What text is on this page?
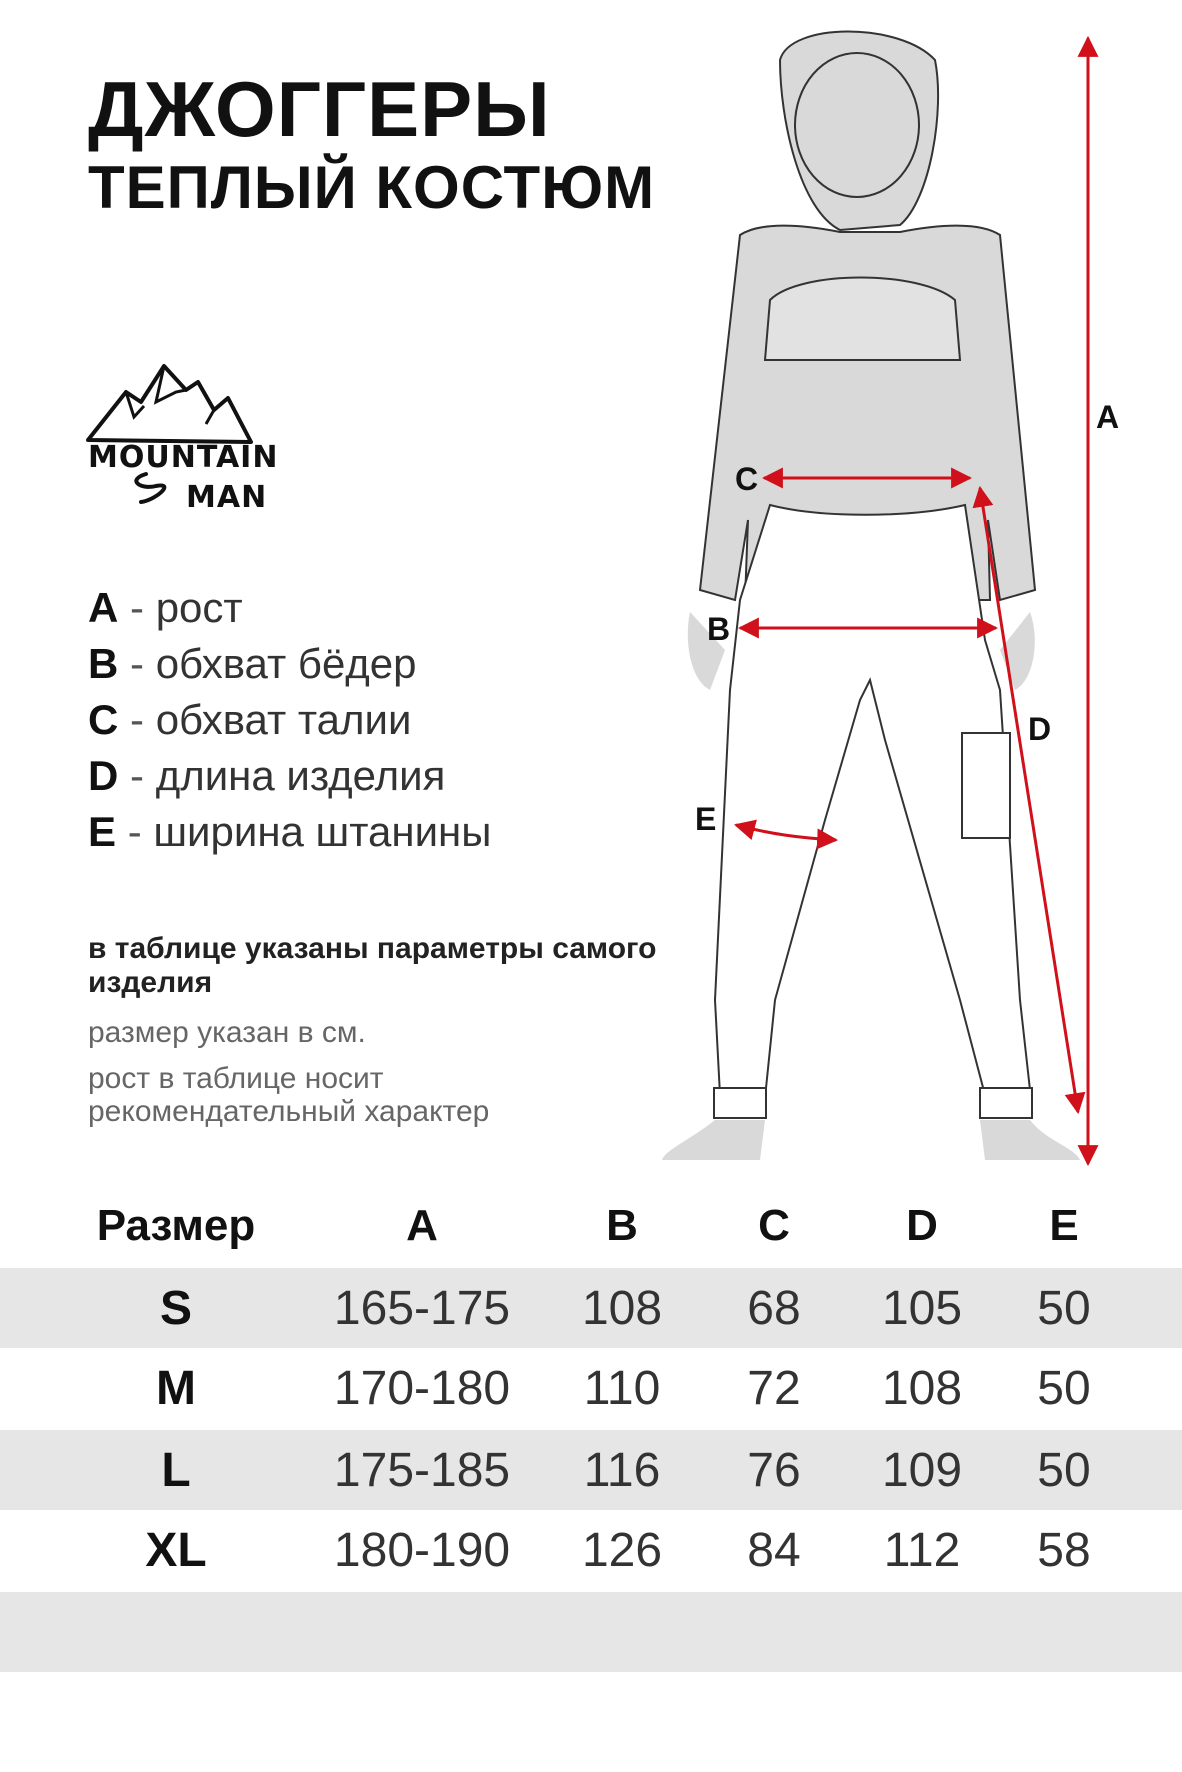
ДЖОГГЕРЫ
ТЕПЛЫЙ КОСТЮМ
MOUNTAIN
MAN
A - рост
B - обхват бёдер
C - обхват талии
D - длина изделия
E - ширина штанины
в таблице указаны параметры самого изделия
размер указан в см.
рост в таблице носит рекомендательный характер
A
C
B
D
E
Размер	A	B	C	D	E
S	165-175 108 68 105 50
M	170-180 110 72 108 50
L	175-185 116 76 109 50
XL	180-190 126 84 112 58
